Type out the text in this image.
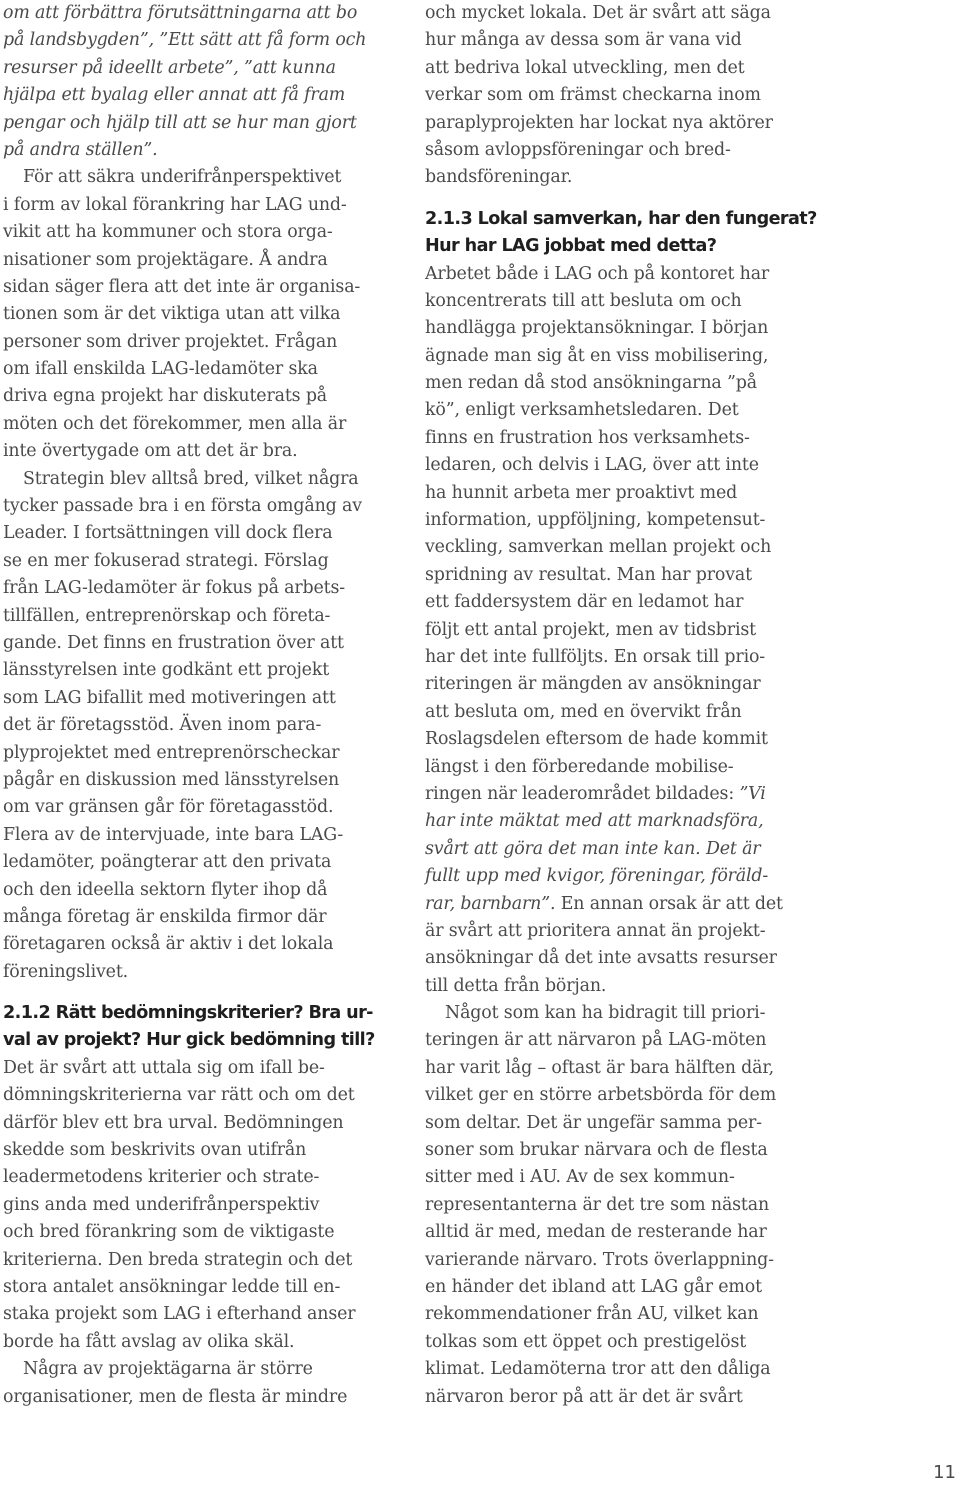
om att förbättra förutsättningarna att bo
på landsbygden”, ”Ett sätt att få form och
resurser på ideellt arbete”, ”att kunna
hjälpa ett byalag eller annat att få fram
pengar och hjälp till att se hur man gjort
på andra ställen”.
För att säkra underifrånperspektivet
i form av lokal förankring har LAG und-
vikit att ha kommuner och stora orga-
nisationer som projektägare. Å andra
sidan säger flera att det inte är organisa-
tionen som är det viktiga utan att vilka
personer som driver projektet. Frågan
om ifall enskilda LAG-ledamöter ska
driva egna projekt har diskuterats på
möten och det förekommer, men alla är
inte övertygade om att det är bra.
Strategin blev alltså bred, vilket några
tycker passade bra i en första omgång av
Leader. I fortsättningen vill dock flera
se en mer fokuserad strategi. Förslag
från LAG-ledamöter är fokus på arbets-
tillfällen, entreprenörskap och företa-
gande. Det finns en frustration över att
länsstyrelsen inte godkänt ett projekt
som LAG bifallit med motiveringen att
det är företagsstöd. Även inom para-
plyprojektet med entreprenörscheckar
pågår en diskussion med länsstyrelsen
om var gränsen går för företagasstöd.
Flera av de intervjuade, inte bara LAG-
ledamöter, poängterar att den privata
och den ideella sektorn flyter ihop då
många företag är enskilda firmor där
företagaren också är aktiv i det lokala
föreningslivet.
2.1.2 Rätt bedömningskriterier? Bra ur-
val av projekt? Hur gick bedömning till?
Det är svårt att uttala sig om ifall be-
dömningskriterierna var rätt och om det
därför blev ett bra urval. Bedömningen
skedde som beskrivits ovan utifrån
leadermetodens kriterier och strate-
gins anda med underifrånperspektiv
och bred förankring som de viktigaste
kriterierna. Den breda strategin och det
stora antalet ansökningar ledde till en-
staka projekt som LAG i efterhand anser
borde ha fått avslag av olika skäl.
Några av projektägarna är större
organisationer, men de flesta är mindre
och mycket lokala. Det är svårt att säga
hur många av dessa som är vana vid
att bedriva lokal utveckling, men det
verkar som om främst checkarna inom
paraplyprojekten har lockat nya aktörer
såsom avloppsföreningar och bred-
bandsföreningar.
2.1.3 Lokal samverkan, har den fungerat?
Hur har LAG jobbat med detta?
Arbetet både i LAG och på kontoret har
koncentrerats till att besluta om och
handlägga projektansökningar. I början
ägnade man sig åt en viss mobilisering,
men redan då stod ansökningarna ”på
kö”, enligt verksamhetsledaren. Det
finns en frustration hos verksamhets-
ledaren, och delvis i LAG, över att inte
ha hunnit arbeta mer proaktivt med
information, uppföljning, kompetensut-
veckling, samverkan mellan projekt och
spridning av resultat. Man har provat
ett faddersystem där en ledamot har
följt ett antal projekt, men av tidsbrist
har det inte fullföljts. En orsak till prio-
riteringen är mängden av ansökningar
att besluta om, med en övervikt från
Roslagsdelen eftersom de hade kommit
längst i den förberedande mobilise-
ringen när leaderområdet bildades: ”Vi
har inte mäktat med att marknadsföra,
svårt att göra det man inte kan. Det är
fullt upp med kvigor, föreningar, föräld-
rar, barnbarn”. En annan orsak är att det
är svårt att prioritera annat än projekt-
ansökningar då det inte avsatts resurser
till detta från början.
Något som kan ha bidragit till priori-
teringen är att närvaron på LAG-möten
har varit låg – oftast är bara hälften där,
vilket ger en större arbetsbörda för dem
som deltar. Det är ungefär samma per-
soner som brukar närvara och de flesta
sitter med i AU. Av de sex kommun-
representanterna är det tre som nästan
alltid är med, medan de resterande har
varierande närvaro. Trots överlappning-
en händer det ibland att LAG går emot
rekommendationer från AU, vilket kan
tolkas som ett öppet och prestigelöst
klimat. Ledamöterna tror att den dåliga
närvaron beror på att är det är svårt
11
